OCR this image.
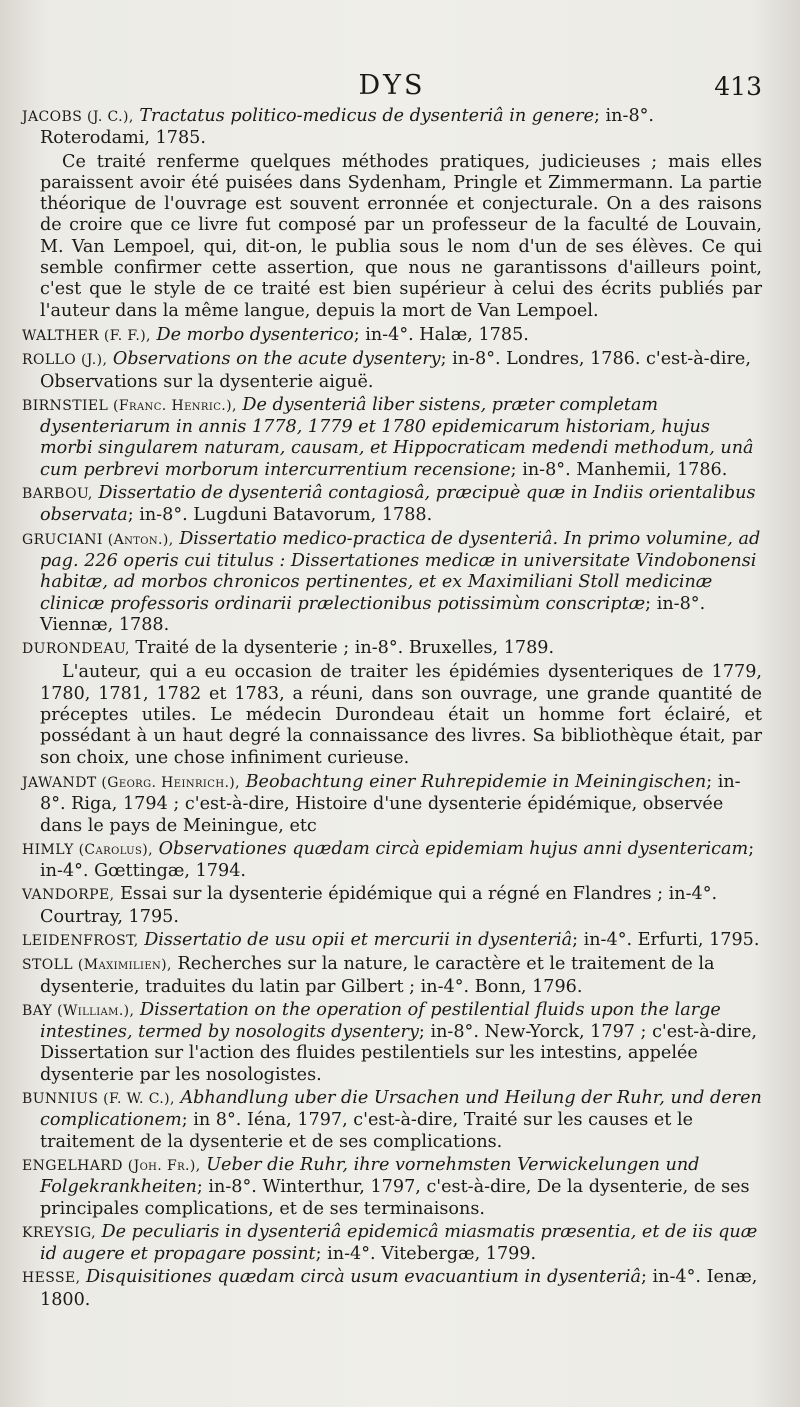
DYS	413

JACOBS (J. C.), Tractatus politico-medicus de dysenteriâ in genere; in-8°. Roterodami, 1785.

Ce traité renferme quelques méthodes pratiques, judicieuses ; mais elles paraissent avoir été puisées dans Sydenham, Pringle et Zimmermann. La partie théorique de l'ouvrage est souvent erronnée et conjecturale. On a des raisons de croire que ce livre fut composé par un professeur de la faculté de Louvain, M. Van Lempoel, qui, dit-on, le publia sous le nom d'un de ses élèves. Ce qui semble confirmer cette assertion, que nous ne garantissons d'ailleurs point, c'est que le style de ce traité est bien supérieur à celui des écrits publiés par l'auteur dans la même langue, depuis la mort de Van Lempoel.

WALTHER (F. F.), De morbo dysenterico; in-4°. Halæ, 1785.

ROLLO (J.), Observations on the acute dysentery; in-8°. Londres, 1786. c'est-à-dire, Observations sur la dysenterie aiguë.

BIRNSTIEL (Franc. Henric.), De dysenteriâ liber sistens, præter completam dysenteriarum in annis 1778, 1779 et 1780 epidemicarum historiam, hujus morbi singularem naturam, causam, et Hippocraticam medendi methodum, unâ cum perbrevi morborum intercurrentium recensione; in-8°. Manhemii, 1786.

BARBOU, Dissertatio de dysenteriâ contagiosâ, præcipuè quæ in Indiis orientalibus observata; in-8°. Lugduni Batavorum, 1788.

GRUCIANI (Anton.), Dissertatio medico-practica de dysenteriâ. In primo volumine, ad pag. 226 operis cui titulus : Dissertationes medicæ in universitate Vindobonensi habitæ, ad morbos chronicos pertinentes, et ex Maximiliani Stoll medicinæ clinicæ professoris ordinarii prælectionibus potissimùm conscriptæ; in-8°. Viennæ, 1788.

DURONDEAU, Traité de la dysenterie ; in-8°. Bruxelles, 1789.

L'auteur, qui a eu occasion de traiter les épidémies dysenteriques de 1779, 1780, 1781, 1782 et 1783, a réuni, dans son ouvrage, une grande quantité de préceptes utiles. Le médecin Durondeau était un homme fort éclairé, et possédant à un haut degré la connaissance des livres. Sa bibliothèque était, par son choix, une chose infiniment curieuse.

JAWANDT (Georg. Heinrich.), Beobachtung einer Ruhrepidemie in Meiningischen; in-8°. Riga, 1794 ; c'est-à-dire, Histoire d'une dysenterie épidémique, observée dans le pays de Meiningue, etc

HIMLY (Carolus), Observationes quædam circà epidemiam hujus anni dysentericam; in-4°. Gœttingæ, 1794.

VANDORPE, Essai sur la dysenterie épidémique qui a régné en Flandres ; in-4°. Courtray, 1795.

LEIDENFROST, Dissertatio de usu opii et mercurii in dysenteriâ; in-4°. Erfurti, 1795.

STOLL (Maximilien), Recherches sur la nature, le caractère et le traitement de la dysenterie, traduites du latin par Gilbert ; in-4°. Bonn, 1796.

BAY (William.), Dissertation on the operation of pestilential fluids upon the large intestines, termed by nosologits dysentery; in-8°. New-Yorck, 1797 ; c'est-à-dire, Dissertation sur l'action des fluides pestilentiels sur les intestins, appelée dysenterie par les nosologistes.

BUNNIUS (F. W. C.), Abhandlung uber die Ursachen und Heilung der Ruhr, und deren complicationem; in 8°. Iéna, 1797, c'est-à-dire, Traité sur les causes et le traitement de la dysenterie et de ses complications.

ENGELHARD (Joh. Fr.), Ueber die Ruhr, ihre vornehmsten Verwickelungen und Folgekrankheiten; in-8°. Winterthur, 1797, c'est-à-dire, De la dysenterie, de ses principales complications, et de ses terminaisons.

KREYSIG, De peculiaris in dysenteriâ epidemicâ miasmatis præsentia, et de iis quæ id augere et propagare possint; in-4°. Vitebergæ, 1799.

HESSE, Disquisitiones quædam circà usum evacuantium in dysenteriâ; in-4°. Ienæ, 1800.
